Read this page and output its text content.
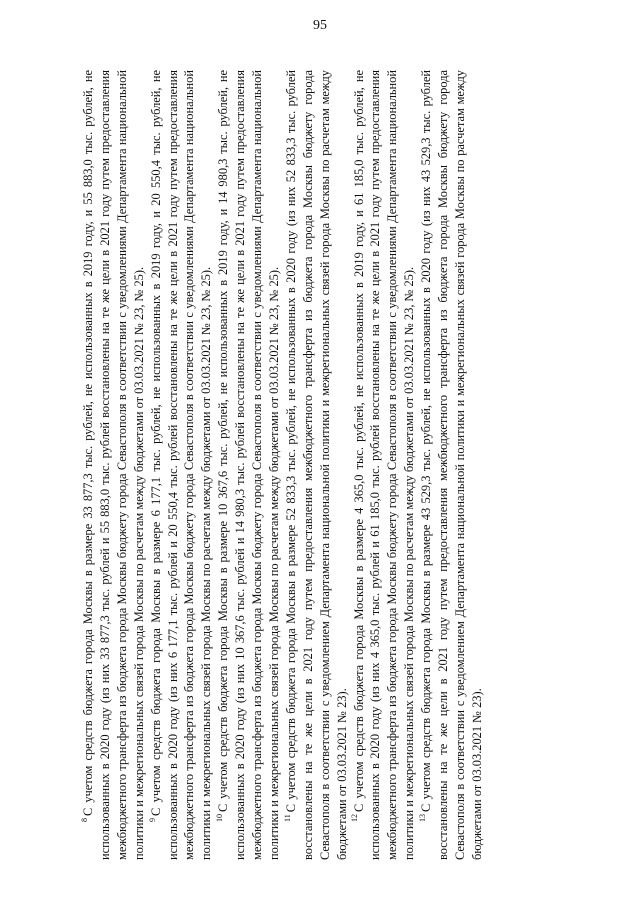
95

$^8$С учетом средств бюджета города Москвы в размере 33 877,3 тыс. рублей, не использованных в 2019 году, и 55 883,0 тыс. рублей, не использованных в 2020 году (из них 33 877,3 тыс. рублей и 55 883,0 тыс. рублей восстановлены на те же цели в 2021 году путем предоставления межбюджетного трансферта из бюджета города Москвы бюджету города Севастополя в соответствии с уведомлениями Департамента национальной политики и межрегиональных связей города Москвы по расчетам между бюджетами от 03.03.2021 № 23, № 25). $^9$С учетом средств бюджета города Москвы в размере 6 177,1 тыс. рублей, не использованных в 2019 году, и 20 550,4 тыс. рублей, не использованных в 2020 году (из них 6 177,1 тыс. рублей и 20 550,4 тыс. рублей восстановлены на те же цели в 2021 году путем предоставления межбюджетного трансферта из бюджета города Москвы бюджету города Севастополя в соответствии с уведомлениями Департамента национальной политики и межрегиональных связей города Москвы по расчетам между бюджетами от 03.03.2021 № 23, № 25). $^{10}$С учетом средств бюджета города Москвы в размере 10 367,6 тыс. рублей, не использованных в 2019 году, и 14 980,3 тыс. рублей, не использованных в 2020 году (из них 10 367,6 тыс. рублей и 14 980,3 тыс. рублей восстановлены на те же цели в 2021 году путем предоставления межбюджетного трансферта из бюджета города Москвы бюджету города Севастополя в соответствии с уведомлениями Департамента национальной политики и межрегиональных связей города Москвы по расчетам между бюджетами от 03.03.2021 № 23, № 25). $^{11}$С учетом средств бюджета города Москвы в размере 52 833,3 тыс. рублей, не использованных в 2020 году (из них 52 833,3 тыс. рублей восстановлены на те же цели в 2021 году путем предоставления межбюджетного трансферта из бюджета города Москвы бюджету города Севастополя в соответствии с уведомлением Департамента национальной политики и межрегиональных связей города Москвы по расчетам между бюджетами от 03.03.2021 № 23). $^{12}$С учетом средств бюджета города Москвы в размере 4 365,0 тыс. рублей, не использованных в 2019 году, и 61 185,0 тыс. рублей, не использованных в 2020 году (из них 4 365,0 тыс. рублей и 61 185,0 тыс. рублей восстановлены на те же цели в 2021 году путем предоставления межбюджетного трансферта из бюджета города Москвы бюджету города Севастополя в соответствии с уведомлениями Департамента национальной политики и межрегиональных связей города Москвы по расчетам между бюджетами от 03.03.2021 № 23, № 25). $^{13}$С учетом средств бюджета города Москвы в размере 43 529,3 тыс. рублей, не использованных в 2020 году (из них 43 529,3 тыс. рублей восстановлены на те же цели в 2021 году путем предоставления межбюджетного трансферта из бюджета города Москвы бюджету города Севастополя в соответствии с уведомлением Департамента национальной политики и межрегиональных связей города Москвы по расчетам между бюджетами от 03.03.2021 № 23).
